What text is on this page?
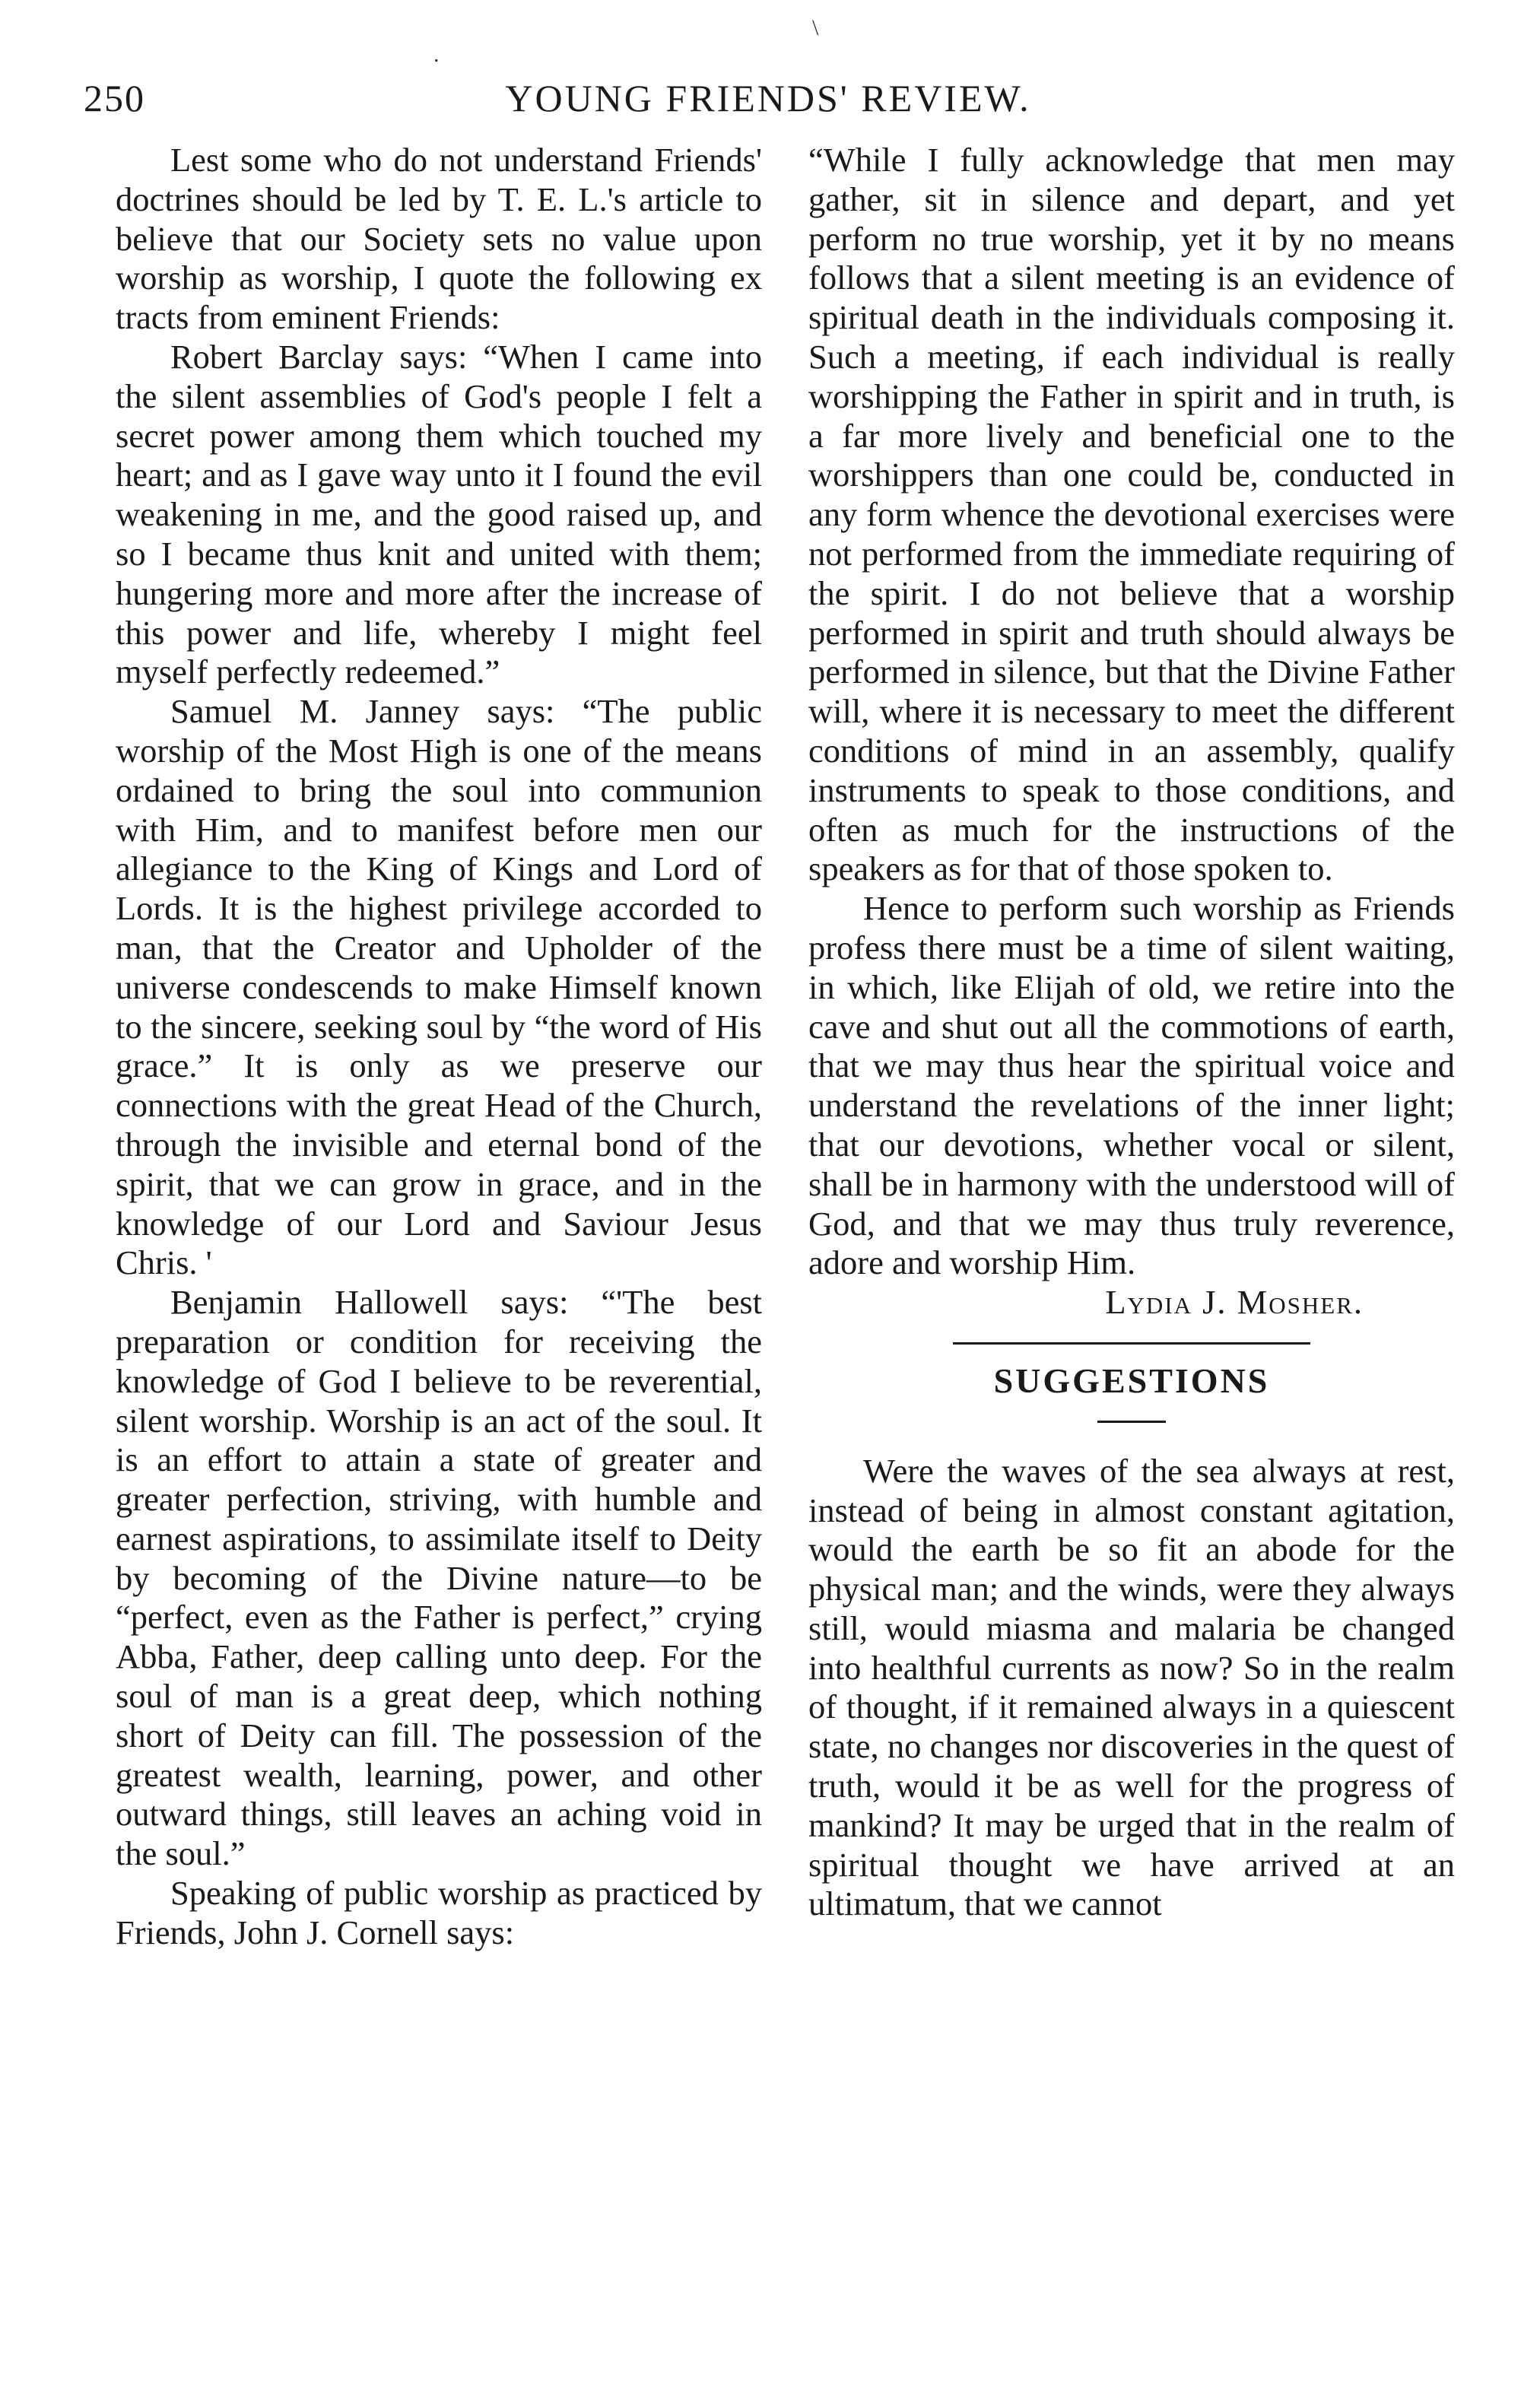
250	YOUNG FRIENDS' REVIEW.

Lest some who do not understand Friends' doctrines should be led by T. E. L.'s article to believe that our Society sets no value upon worship as worship, I quote the following ex tracts from eminent Friends:

Robert Barclay says: “When I came into the silent assemblies of God's people I felt a secret power among them which touched my heart; and as I gave way unto it I found the evil weakening in me, and the good raised up, and so I became thus knit and united with them; hungering more and more after the increase of this power and life, whereby I might feel myself perfectly redeemed.”

Samuel M. Janney says: “The public worship of the Most High is one of the means ordained to bring the soul into communion with Him, and to manifest before men our allegiance to the King of Kings and Lord of Lords. It is the highest privilege accorded to man, that the Creator and Upholder of the universe condescends to make Himself known to the sincere, seeking soul by “the word of His grace.” It is only as we preserve our connections with the great Head of the Church, through the invisible and eternal bond of the spirit, that we can grow in grace, and in the knowledge of our Lord and Saviour Jesus Chris. '

Benjamin Hallowell says: “'The best preparation or condition for receiving the knowledge of God I believe to be reverential, silent worship. Worship is an act of the soul. It is an effort to attain a state of greater and greater perfection, striving, with humble and earnest aspirations, to assimilate itself to Deity by becoming of the Divine nature—to be “perfect, even as the Father is perfect,” crying Abba, Father, deep calling unto deep. For the soul of man is a great deep, which nothing short of Deity can fill. The possession of the greatest wealth, learning, power, and other outward things, still leaves an aching void in the soul.”

Speaking of public worship as practiced by Friends, John J. Cornell says:

“While I fully acknowledge that men may gather, sit in silence and depart, and yet perform no true worship, yet it by no means follows that a silent meeting is an evidence of spiritual death in the individuals composing it. Such a meeting, if each individual is really worshipping the Father in spirit and in truth, is a far more lively and beneficial one to the worshippers than one could be, conducted in any form whence the devotional exercises were not performed from the immediate requiring of the spirit. I do not believe that a worship performed in spirit and truth should always be performed in silence, but that the Divine Father will, where it is necessary to meet the different conditions of mind in an assembly, qualify instruments to speak to those conditions, and often as much for the instructions of the speakers as for that of those spoken to.

Hence to perform such worship as Friends profess there must be a time of silent waiting, in which, like Elijah of old, we retire into the cave and shut out all the commotions of earth, that we may thus hear the spiritual voice and understand the revelations of the inner light; that our devotions, whether vocal or silent, shall be in harmony with the understood will of God, and that we may thus truly reverence, adore and worship Him.

Lydia J. Mosher.
SUGGESTIONS

Were the waves of the sea always at rest, instead of being in almost constant agitation, would the earth be so fit an abode for the physical man; and the winds, were they always still, would miasma and malaria be changed into healthful currents as now? So in the realm of thought, if it remained always in a quiescent state, no changes nor discoveries in the quest of truth, would it be as well for the progress of mankind? It may be urged that in the realm of spiritual thought we have arrived at an ultimatum, that we cannot

.
\
